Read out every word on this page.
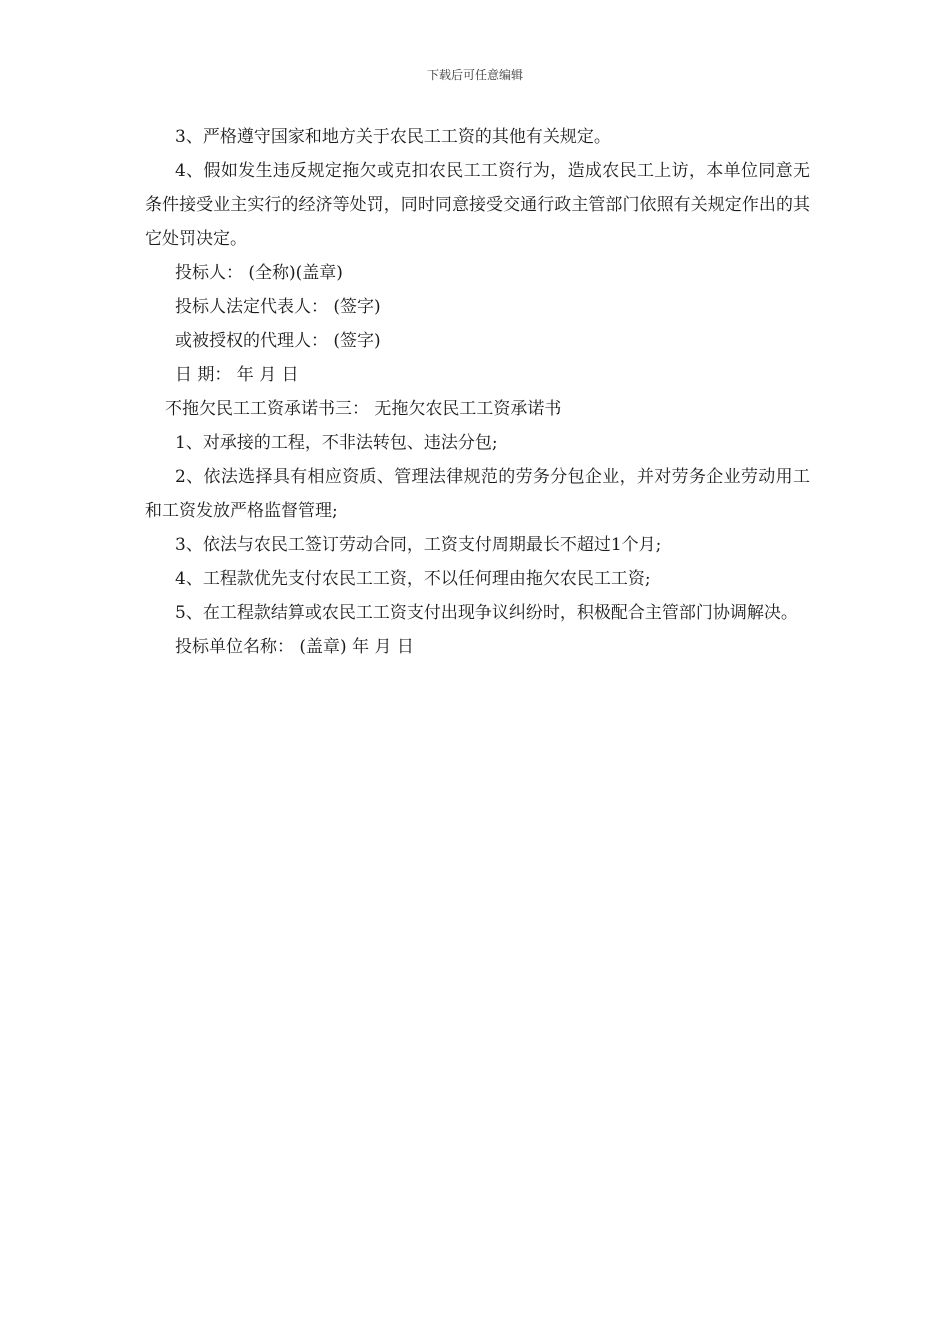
下载后可任意编辑

3、严格遵守国家和地方关于农民工工资的其他有关规定。

4、假如发生违反规定拖欠或克扣农民工工资行为，造成农民工上访，本单位同意无条件接受业主实行的经济等处罚，同时同意接受交通行政主管部门依照有关规定作出的其它处罚决定。

投标人： (全称)(盖章)

投标人法定代表人： (签字)

或被授权的代理人： (签字)

日 期： 年 月 日

不拖欠民工工资承诺书三： 无拖欠农民工工资承诺书

1、对承接的工程，不非法转包、违法分包;

2、依法选择具有相应资质、管理法律规范的劳务分包企业，并对劳务企业劳动用工和工资发放严格监督管理;

3、依法与农民工签订劳动合同，工资支付周期最长不超过1个月;

4、工程款优先支付农民工工资，不以任何理由拖欠农民工工资;

5、在工程款结算或农民工工资支付出现争议纠纷时，积极配合主管部门协调解决。

投标单位名称： (盖章) 年 月 日
